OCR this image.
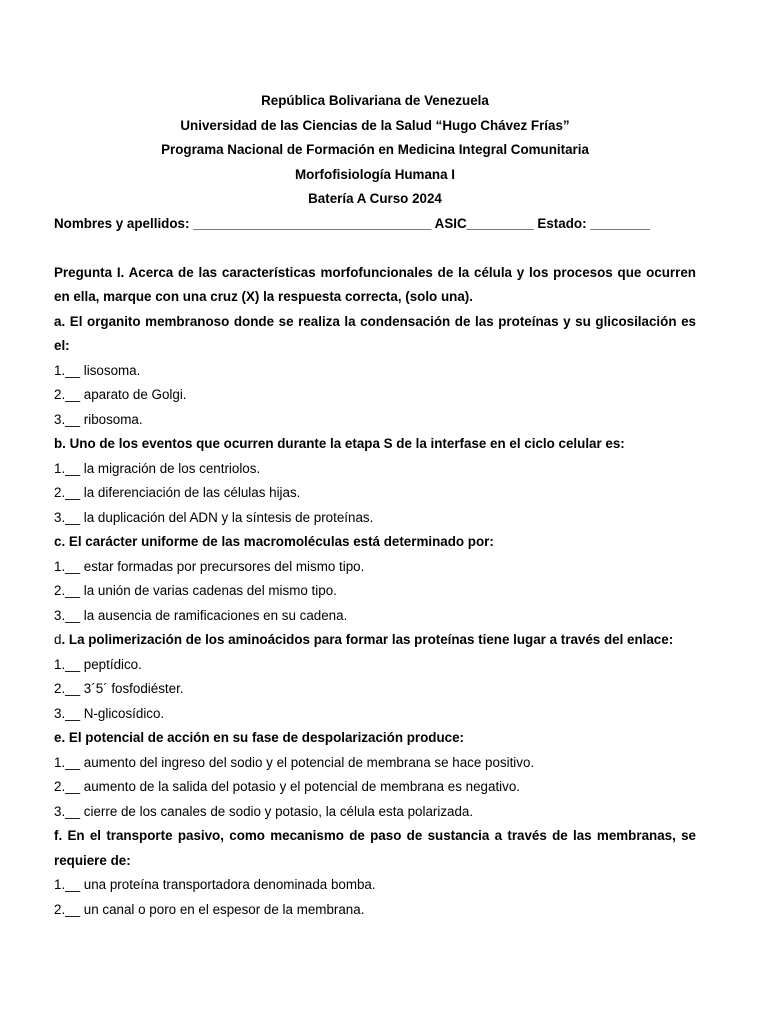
República Bolivariana de Venezuela
Universidad de las Ciencias de la Salud “Hugo Chávez Frías”
Programa Nacional de Formación en Medicina Integral Comunitaria
Morfofisiología Humana I
Batería A Curso 2024
Nombres y apellidos: ________________________________ ASIC_________ Estado: ________
Pregunta I. Acerca de las características morfofuncionales de la célula y los procesos que ocurren en ella, marque con una cruz (X) la respuesta correcta, (solo una).
a. El organito membranoso donde se realiza la condensación de las proteínas y su glicosilación es el:
1.__ lisosoma.
2.__ aparato de Golgi.
3.__ ribosoma.
b. Uno de los eventos que ocurren durante la etapa S de la interfase en el ciclo celular es:
1.__ la migración de los centriolos.
2.__ la diferenciación de las células hijas.
3.__ la duplicación del ADN y la síntesis de proteínas.
c. El carácter uniforme de las macromoléculas está determinado por:
1.__ estar formadas por precursores del mismo tipo.
2.__ la unión de varias cadenas del mismo tipo.
3.__ la ausencia de ramificaciones en su cadena.
d. La polimerización de los aminoácidos para formar las proteínas tiene lugar a través del enlace:
1.__ peptídico.
2.__ 3´5´ fosfodiéster.
3.__ N-glicosídico.
e. El potencial de acción en su fase de despolarización produce:
1.__ aumento del ingreso del sodio y el potencial de membrana se hace positivo.
2.__ aumento de la salida del potasio y el potencial de membrana es negativo.
3.__ cierre de los canales de sodio y potasio, la célula esta polarizada.
f. En el transporte pasivo, como mecanismo de paso de sustancia a través de las membranas, se requiere de:
1.__ una proteína transportadora denominada bomba.
2.__ un canal o poro en el espesor de la membrana.
